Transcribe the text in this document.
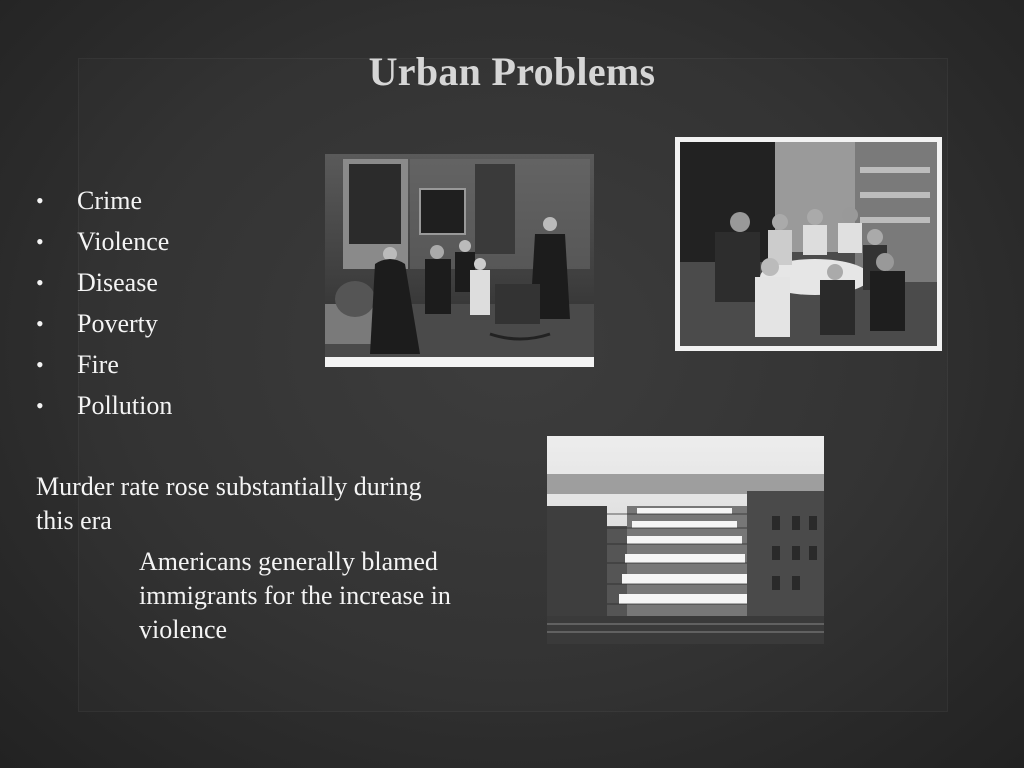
Urban Problems
• Crime
• Violence
• Disease
• Poverty
• Fire
• Pollution
Murder rate rose substantially during this era
Americans generally blamed immigrants for the increase in violence
